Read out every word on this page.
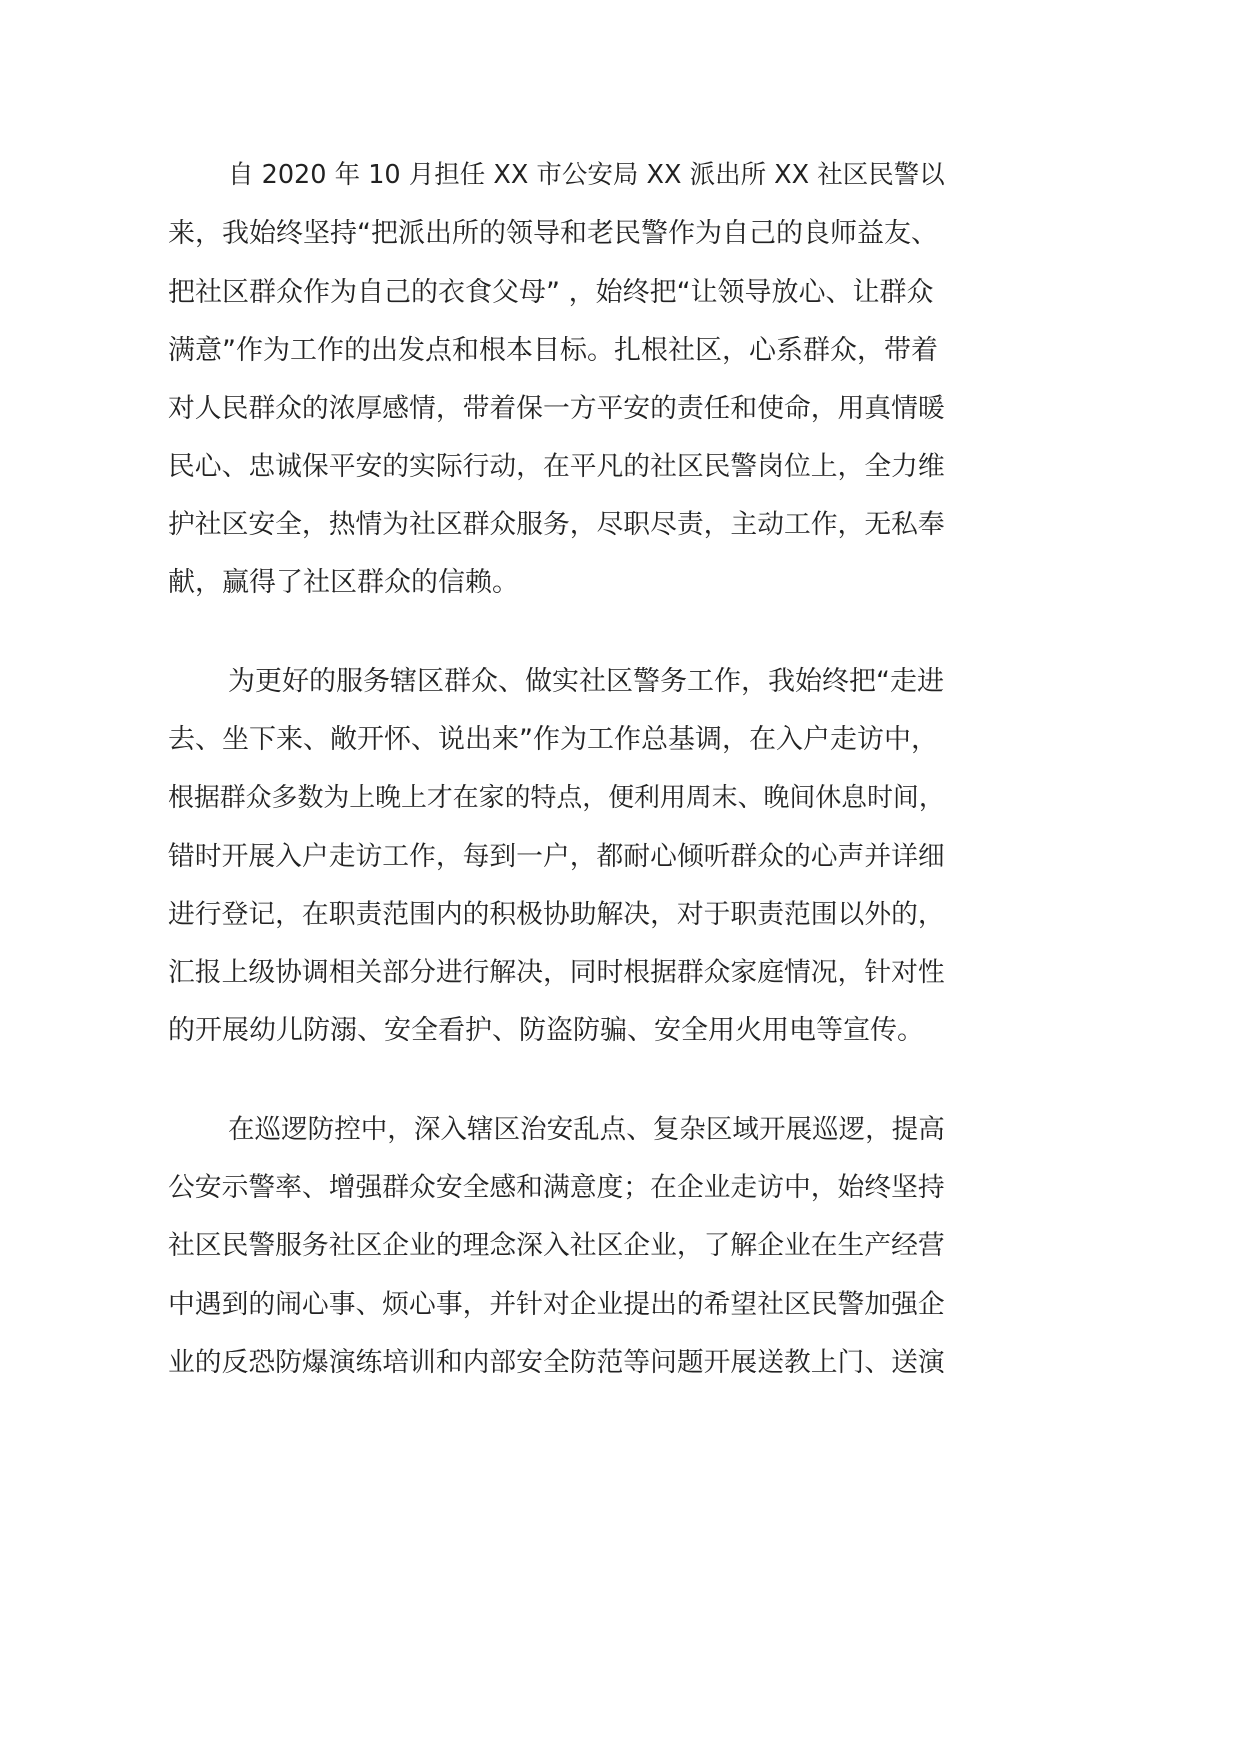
自 2020 年 10 月担任 XX 市公安局 XX 派出所 XX 社区民警以

来，我始终坚持“把派出所的领导和老民警作为自己的良师益友、

把社区群众作为自己的衣食父母” ，始终把“让领导放心、让群众

满意”作为工作的出发点和根本目标。扎根社区，心系群众，带着

对人民群众的浓厚感情，带着保一方平安的责任和使命，用真情暖

民心、忠诚保平安的实际行动，在平凡的社区民警岗位上，全力维

护社区安全，热情为社区群众服务，尽职尽责，主动工作，无私奉

献，赢得了社区群众的信赖。

为更好的服务辖区群众、做实社区警务工作，我始终把“走进

去、坐下来、敞开怀、说出来”作为工作总基调，在入户走访中，

根据群众多数为上晚上才在家的特点，便利用周末、晚间休息时间，

错时开展入户走访工作，每到一户，都耐心倾听群众的心声并详细

进行登记，在职责范围内的积极协助解决，对于职责范围以外的，

汇报上级协调相关部分进行解决，同时根据群众家庭情况，针对性

的开展幼儿防溺、安全看护、防盗防骗、安全用火用电等宣传。

在巡逻防控中，深入辖区治安乱点、复杂区域开展巡逻，提高

公安示警率、增强群众安全感和满意度；在企业走访中，始终坚持

社区民警服务社区企业的理念深入社区企业，了解企业在生产经营

中遇到的闹心事、烦心事，并针对企业提出的希望社区民警加强企

业的反恐防爆演练培训和内部安全防范等问题开展送教上门、送演
